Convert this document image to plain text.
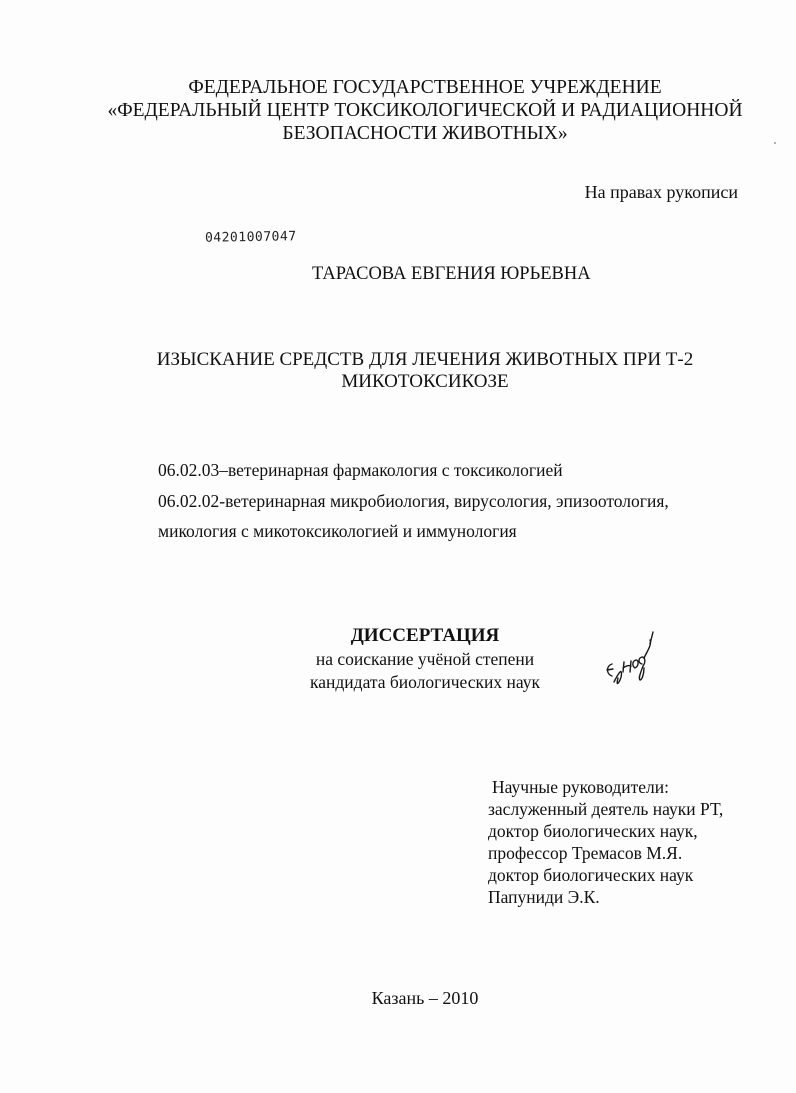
ФЕДЕРАЛЬНОЕ ГОСУДАРСТВЕННОЕ УЧРЕЖДЕНИЕ
«ФЕДЕРАЛЬНЫЙ ЦЕНТР ТОКСИКОЛОГИЧЕСКОЙ И РАДИАЦИОННОЙ
БЕЗОПАСНОСТИ ЖИВОТНЫХ»
На правах рукописи
04201007047
ТАРАСОВА ЕВГЕНИЯ ЮРЬЕВНА
ИЗЫСКАНИЕ СРЕДСТВ ДЛЯ ЛЕЧЕНИЯ ЖИВОТНЫХ ПРИ Т-2
МИКОТОКСИКОЗЕ
06.02.03–ветеринарная фармакология с токсикологией
06.02.02-ветеринарная микробиология, вирусология, эпизоотология,
микология с микотоксикологией и иммунология
ДИССЕРТАЦИЯ
на соискание учёной степени
кандидата биологических наук
Научные руководители:
заслуженный деятель науки РТ,
доктор биологических наук,
профессор Тремасов М.Я.
доктор биологических наук
Папуниди Э.К.
Казань – 2010
